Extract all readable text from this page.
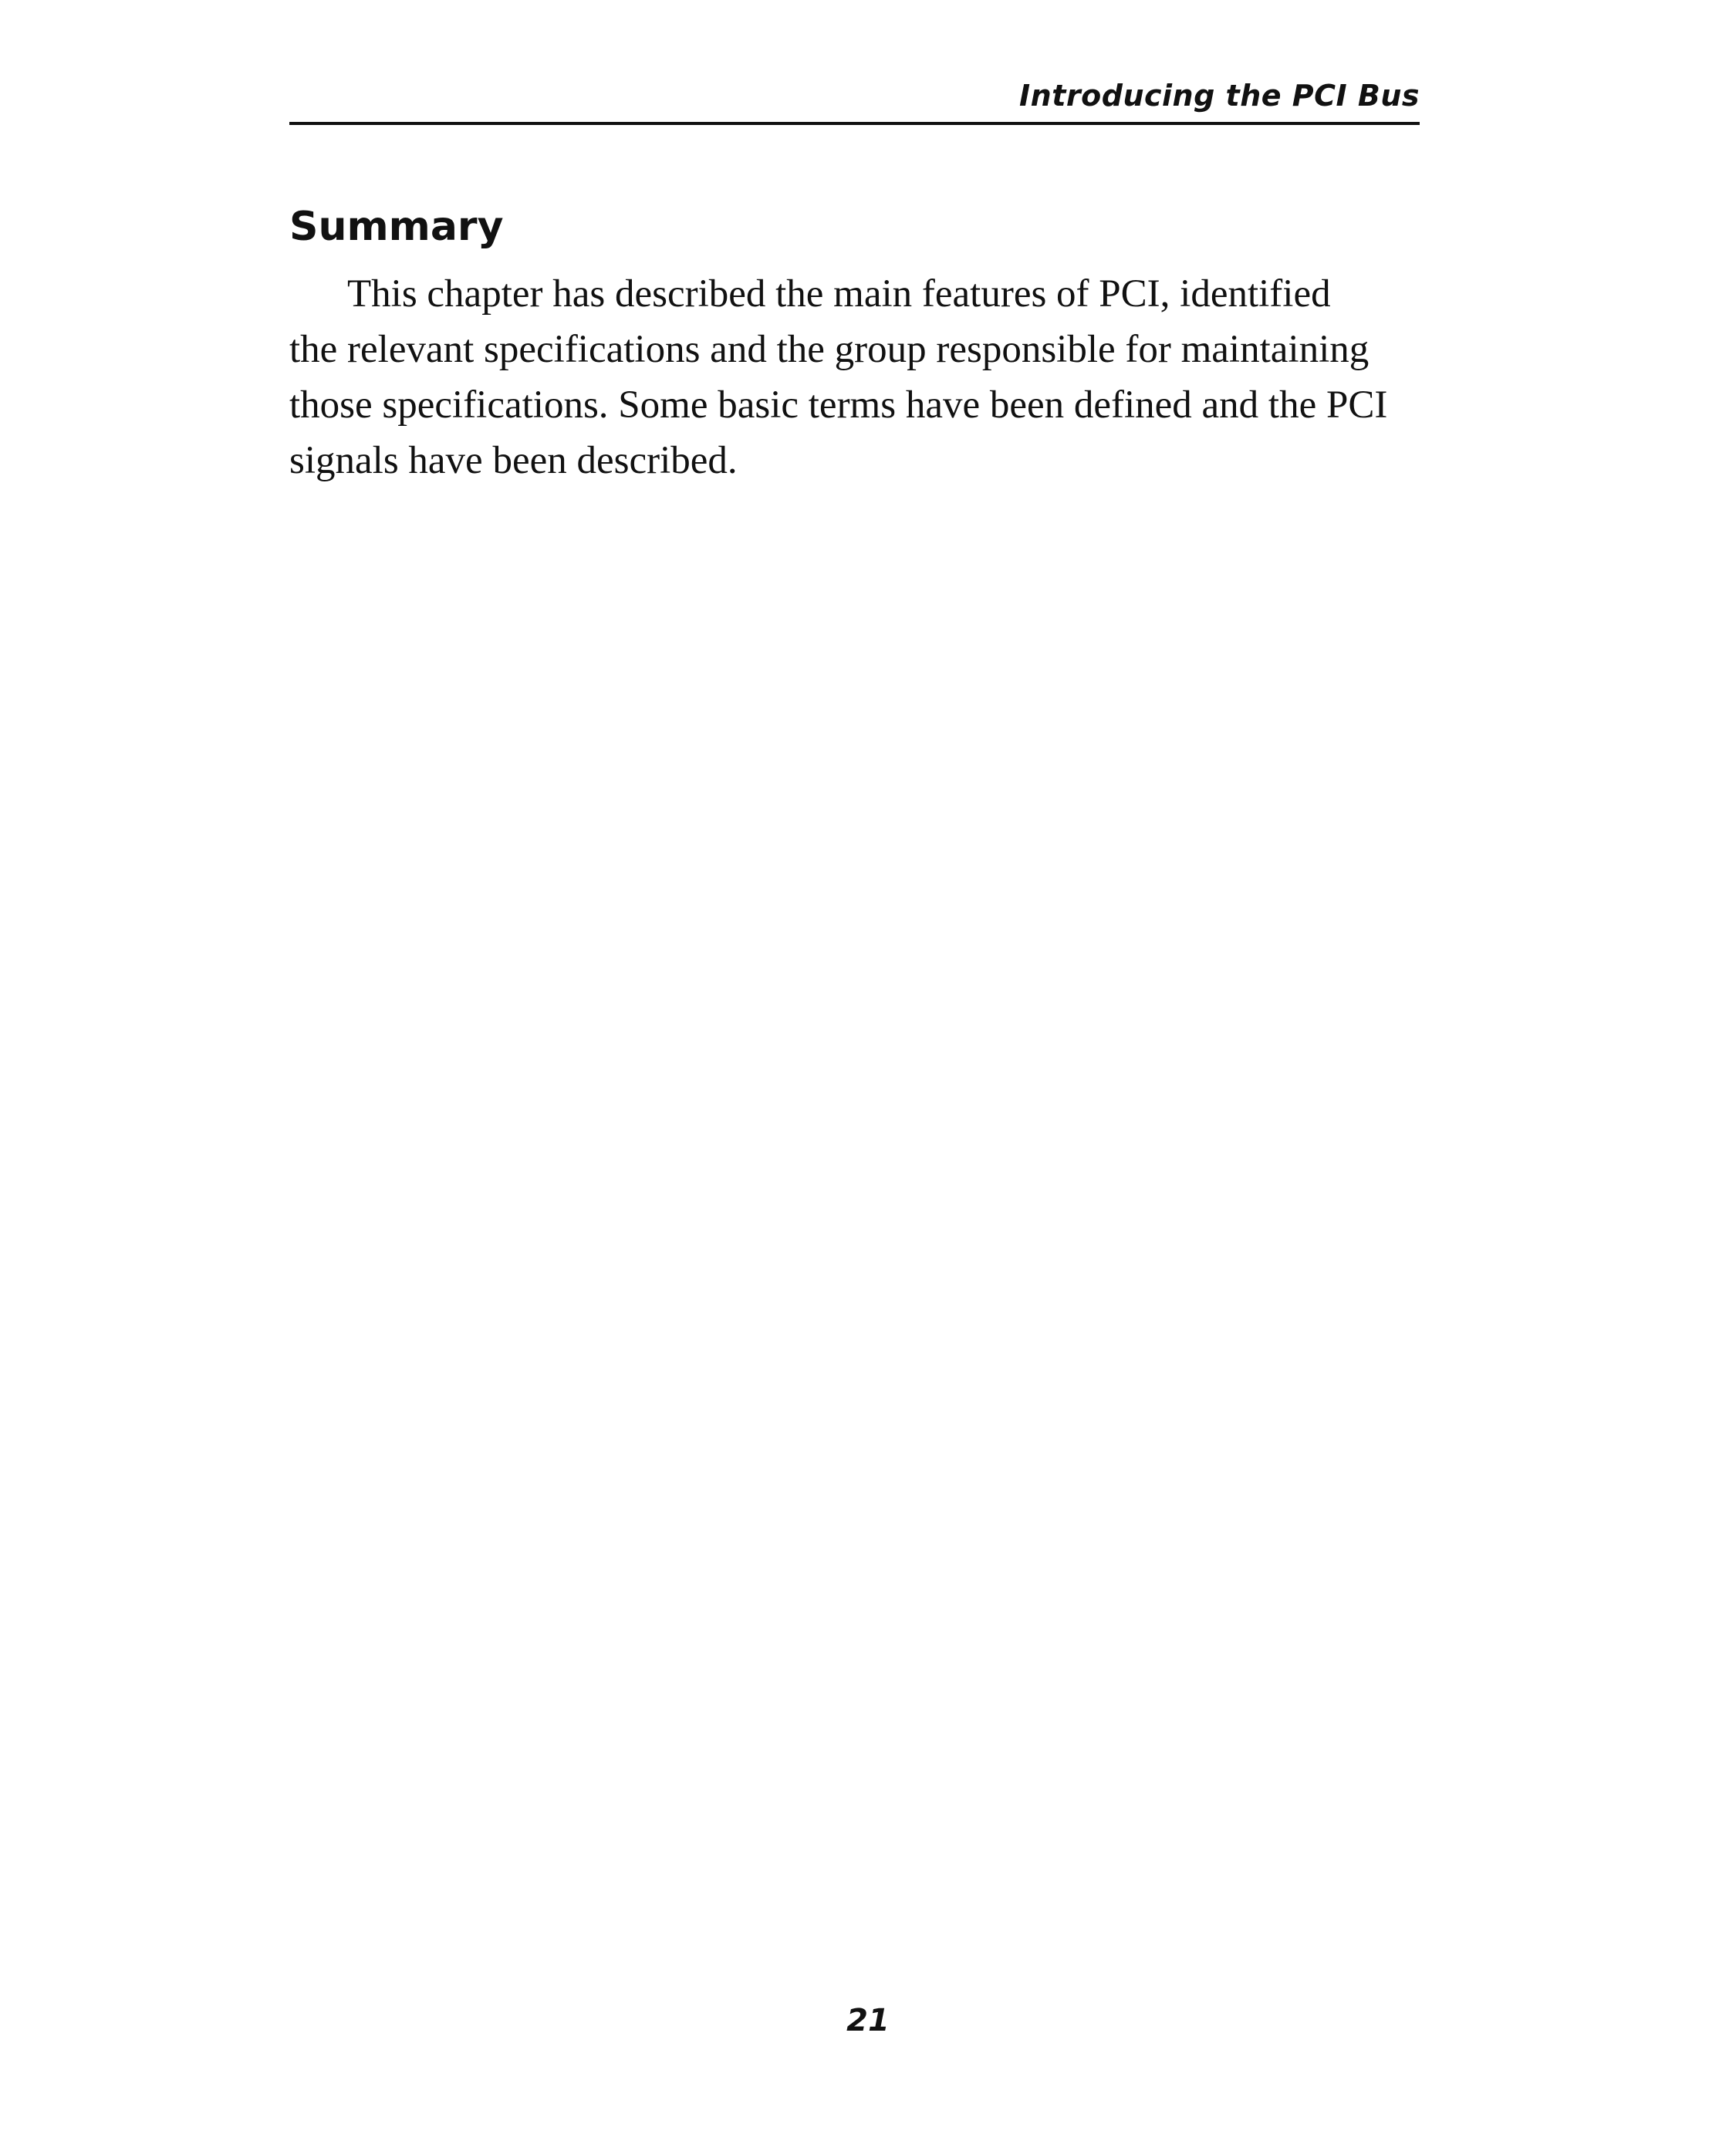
Introducing the PCI Bus
Summary
This chapter has described the main features of PCI, identified
the relevant specifications and the group responsible for maintaining
those specifications. Some basic terms have been defined and the PCI
signals have been described.
21
